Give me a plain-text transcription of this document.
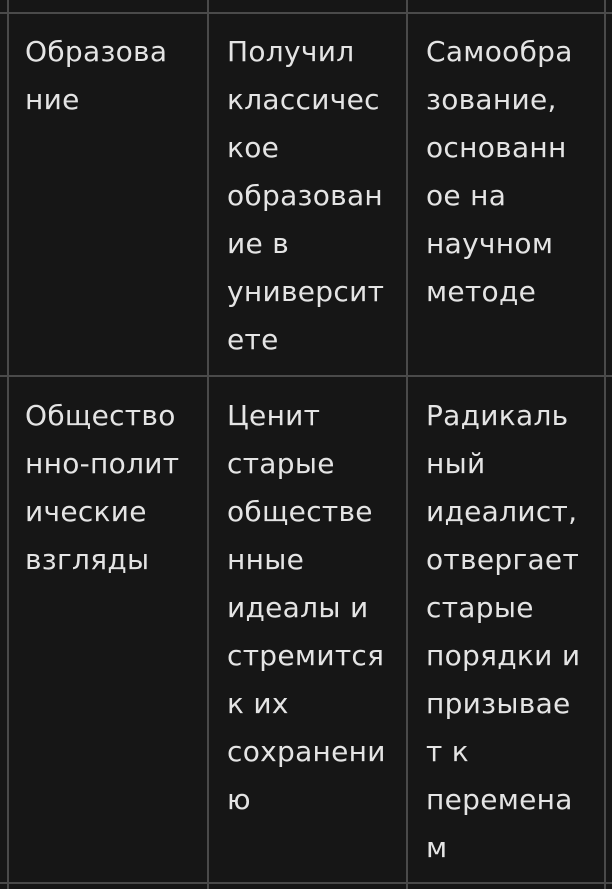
Образова
ние

Получил
классичес
кое
образован
ие в
университ
ете

Самообра
зование,
основанн
ое на
научном
методе

Общество
нно-полит
ические
взгляды

Ценит
старые
обществе
нные
идеалы и
стремится
к их
сохранени
ю

Радикаль
ный
идеалист,
отвергает
старые
порядки и
призывае
т к
перемена
м
